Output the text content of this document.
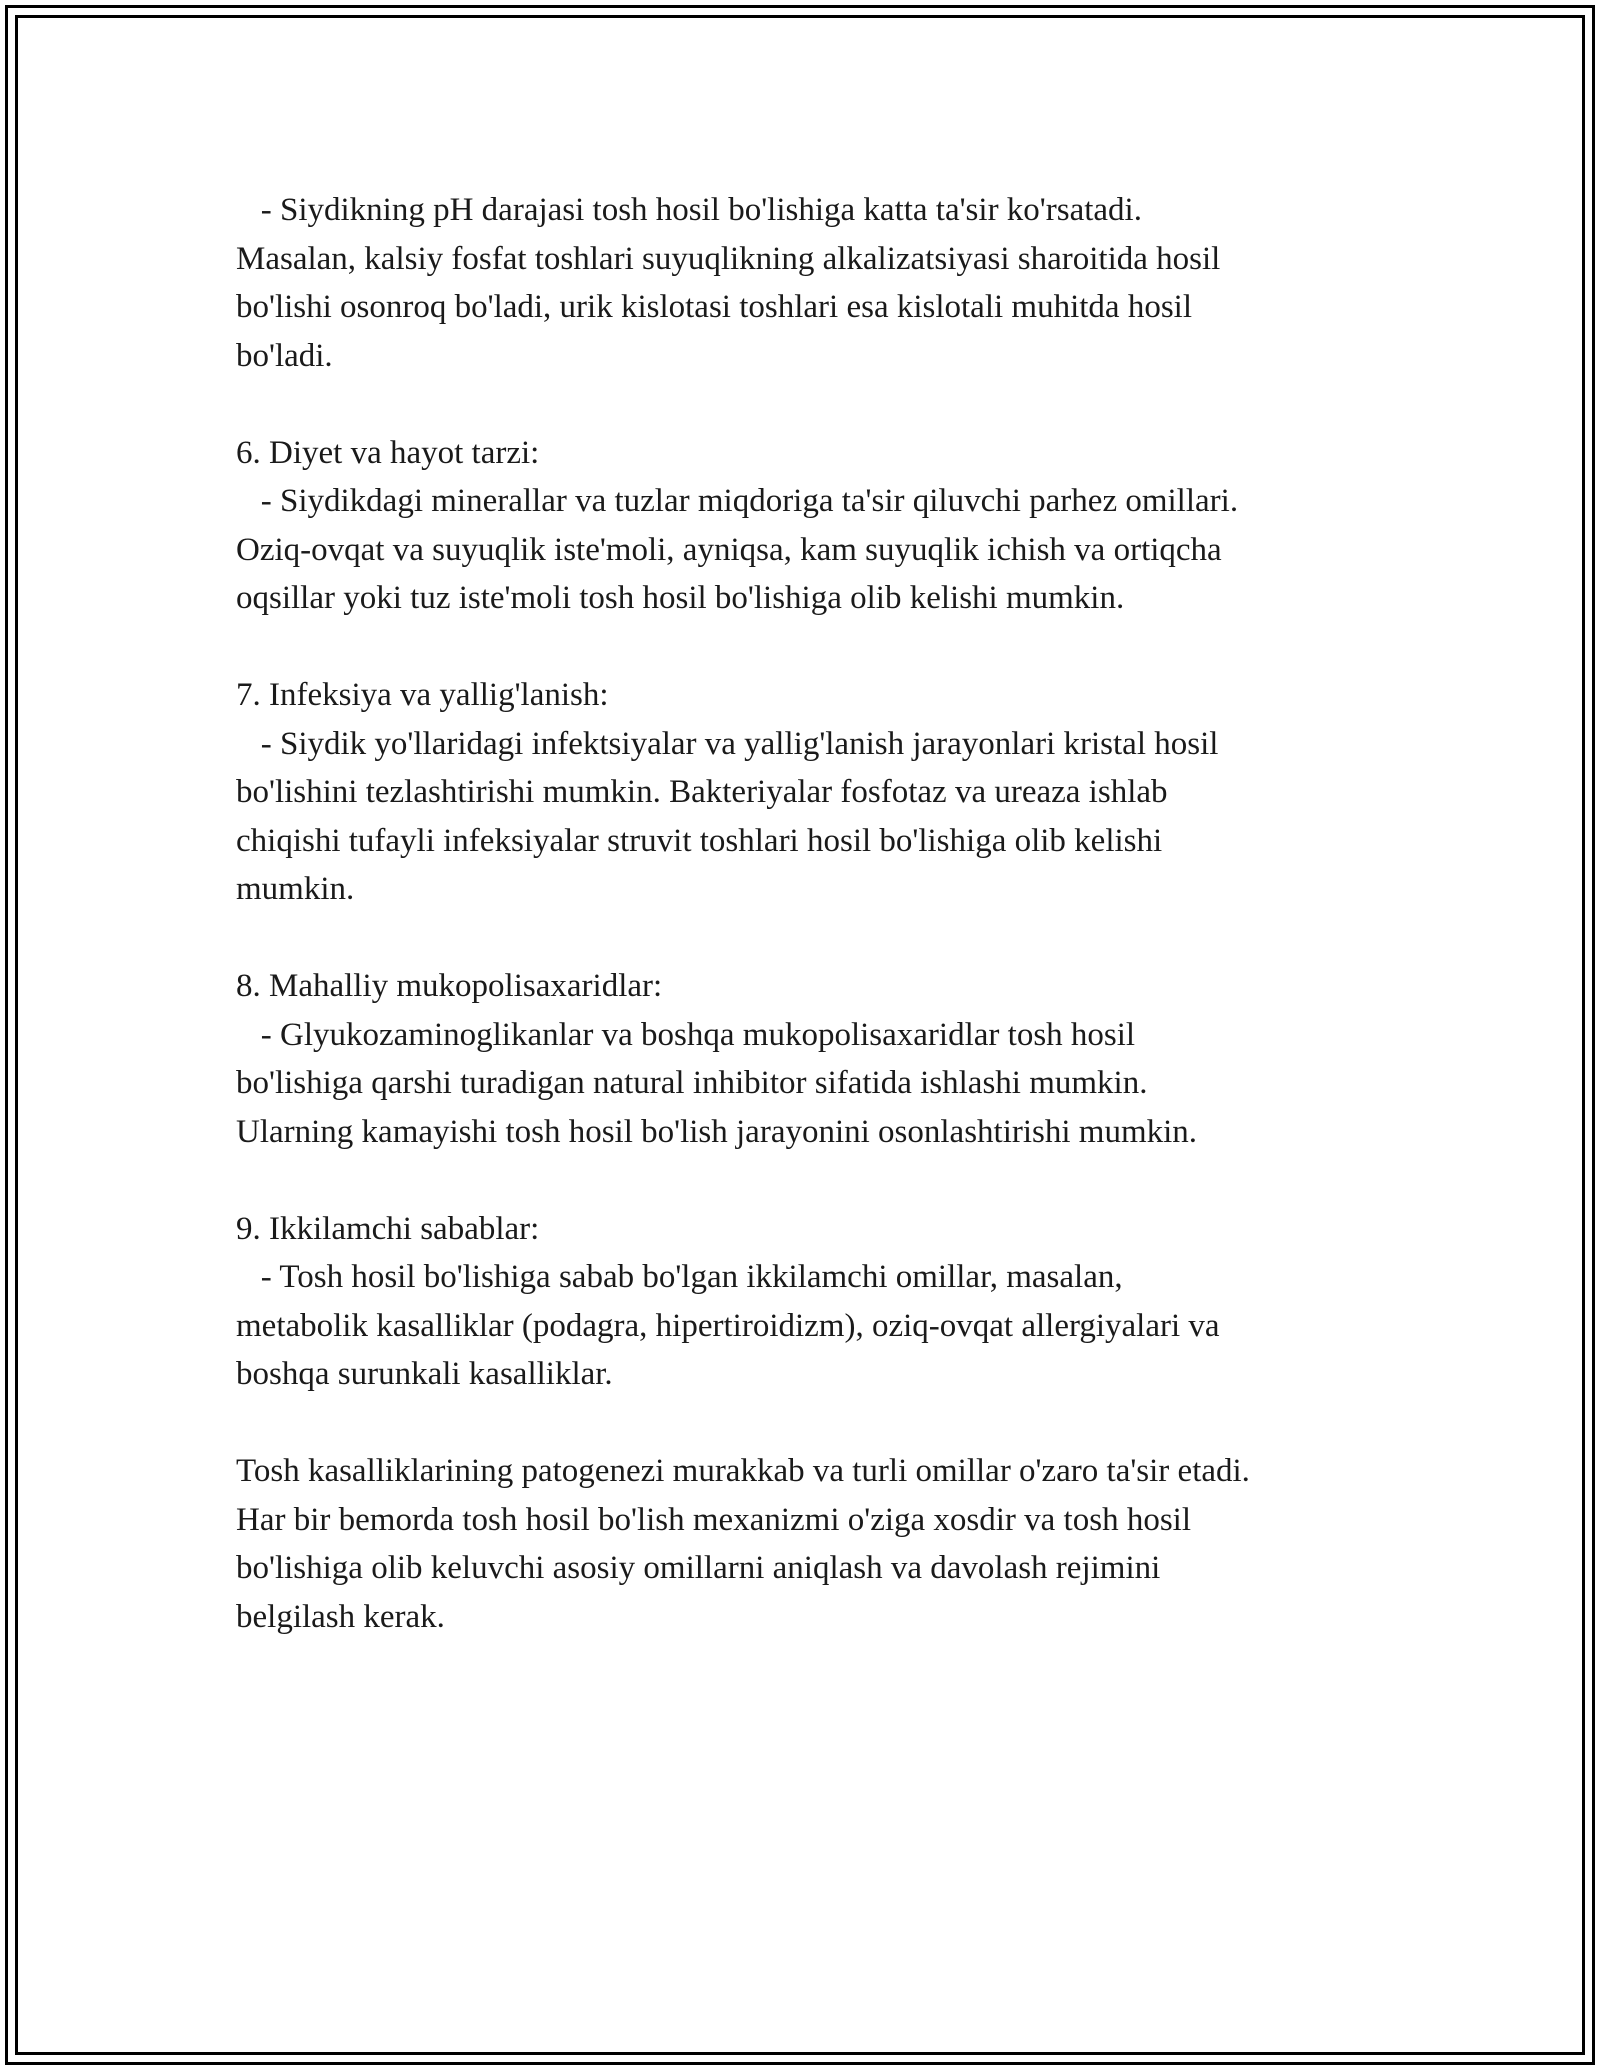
- Siydikning pH darajasi tosh hosil bo'lishiga katta ta'sir ko'rsatadi.

Masalan, kalsiy fosfat toshlari suyuqlikning alkalizatsiyasi sharoitida hosil

bo'lishi osonroq bo'ladi, urik kislotasi toshlari esa kislotali muhitda hosil

bo'ladi.

6. Diyet va hayot tarzi:

- Siydikdagi minerallar va tuzlar miqdoriga ta'sir qiluvchi parhez omillari.

Oziq-ovqat va suyuqlik iste'moli, ayniqsa, kam suyuqlik ichish va ortiqcha

oqsillar yoki tuz iste'moli tosh hosil bo'lishiga olib kelishi mumkin.

7. Infeksiya va yallig'lanish:

- Siydik yo'llaridagi infektsiyalar va yallig'lanish jarayonlari kristal hosil

bo'lishini tezlashtirishi mumkin. Bakteriyalar fosfotaz va ureaza ishlab

chiqishi tufayli infeksiyalar struvit toshlari hosil bo'lishiga olib kelishi

mumkin.

8. Mahalliy mukopolisaxaridlar:

- Glyukozaminoglikanlar va boshqa mukopolisaxaridlar tosh hosil

bo'lishiga qarshi turadigan natural inhibitor sifatida ishlashi mumkin.

Ularning kamayishi tosh hosil bo'lish jarayonini osonlashtirishi mumkin.

9. Ikkilamchi sabablar:

- Tosh hosil bo'lishiga sabab bo'lgan ikkilamchi omillar, masalan,

metabolik kasalliklar (podagra, hipertiroidizm), oziq-ovqat allergiyalari va

boshqa surunkali kasalliklar.

Tosh kasalliklarining patogenezi murakkab va turli omillar o'zaro ta'sir etadi.

Har bir bemorda tosh hosil bo'lish mexanizmi o'ziga xosdir va tosh hosil

bo'lishiga olib keluvchi asosiy omillarni aniqlash va davolash rejimini

belgilash kerak.
